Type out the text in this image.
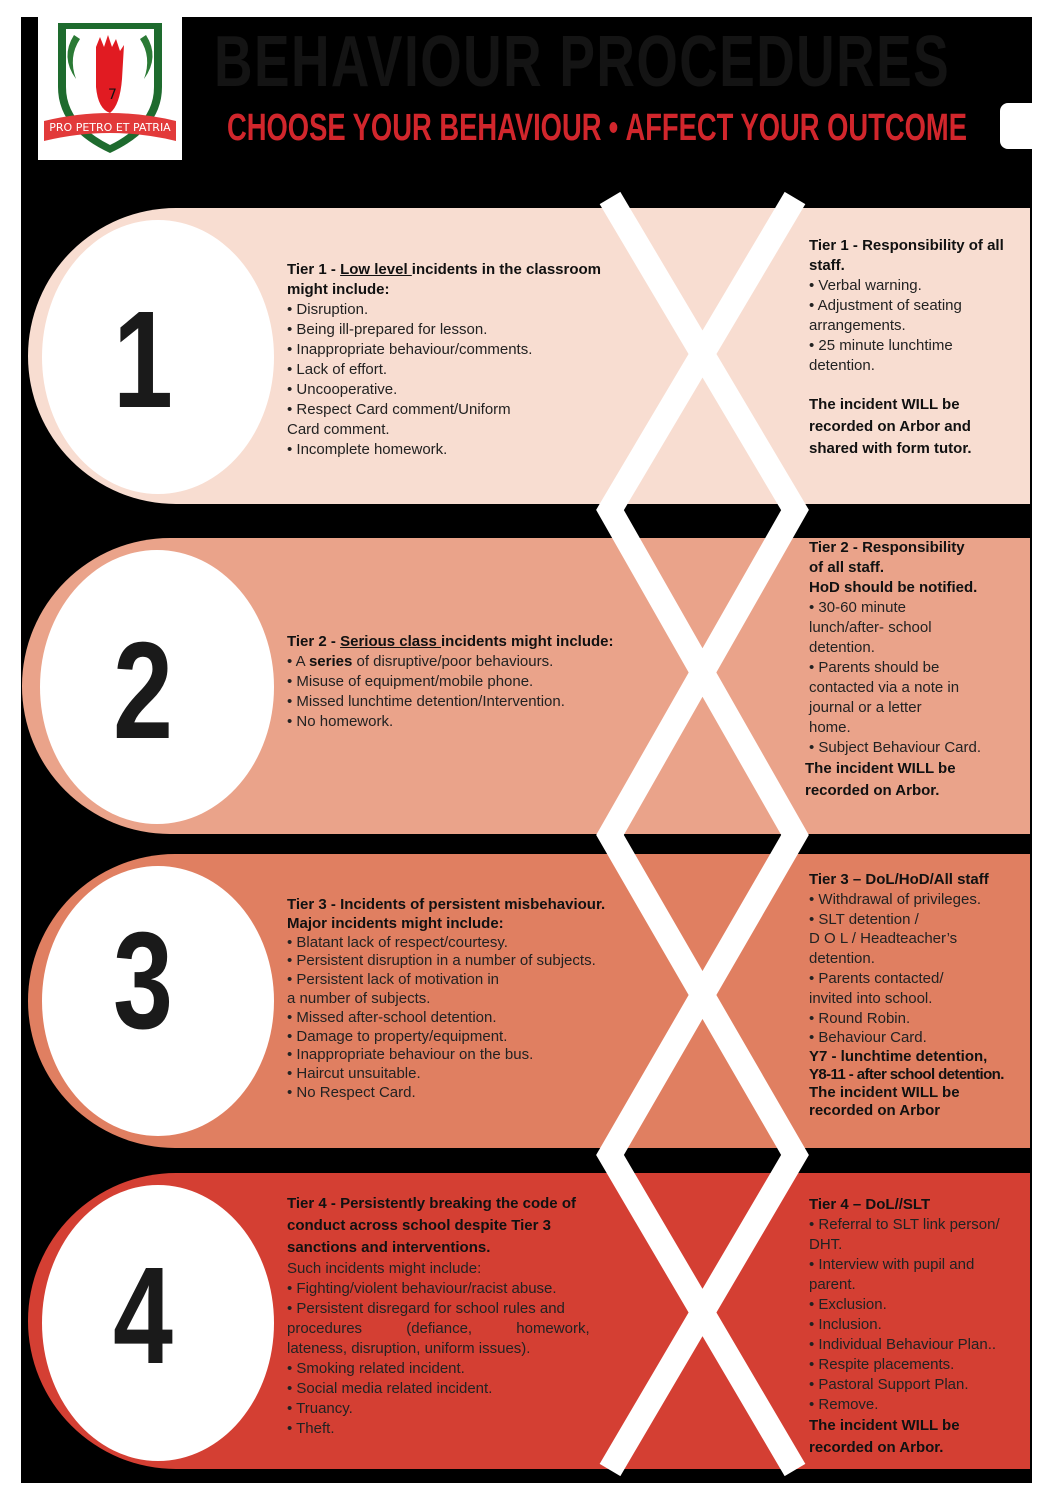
7
PRO PETRO ET PATRIA
BEHAVIOUR PROCEDURES
CHOOSE YOUR BEHAVIOUR • AFFECT YOUR OUTCOME
1

Tier 1 - Low level incidents in the classroom

might include:

• Disruption.

• Being ill-prepared for lesson.

• Inappropriate behaviour/comments.

• Lack of effort.

• Uncooperative.

• Respect Card comment/Uniform

Card comment.

• Incomplete homework.

Tier 1 - Responsibility of all

staff.

• Verbal warning.

• Adjustment of seating

arrangements.

• 25 minute lunchtime

detention.

The incident WILL be

recorded on Arbor and

shared with form tutor.

2	Tier 2 - Serious class incidents might include:

• A series of disruptive/poor behaviours.

• Misuse of equipment/mobile phone.

• Missed lunchtime detention/Intervention.

• No homework.

Tier 2 - Responsibility

of all staff.

HoD should be notified.

• 30-60 minute

lunch/after- school

detention.

• Parents should be

contacted via a note in

journal or a letter

home.

• Subject Behaviour Card.

The incident WILL be

recorded on Arbor.

3	Tier 3 - Incidents of persistent misbehaviour.

Major incidents might include:

• Blatant lack of respect/courtesy.

• Persistent disruption in a number of subjects.

• Persistent lack of motivation in

a number of subjects.

• Missed after-school detention.

• Damage to property/equipment.

• Inappropriate behaviour on the bus.

• Haircut unsuitable.

• No Respect Card.

Tier 3 – DoL/HoD/All staff

• Withdrawal of privileges.

• SLT detention /

D O L / Headteacher’s

detention.

• Parents contacted/

invited into school.

• Round Robin.

• Behaviour Card.

Y7 - lunchtime detention,

Y8-11 - after school detention.

The incident WILL be

recorded on Arbor

4

Tier 4 - Persistently breaking the code of

conduct across school despite Tier 3

sanctions and interventions.

Such incidents might include:

• Fighting/violent behaviour/racist abuse.

• Persistent disregard for school rules and

procedures (defiance, homework,

lateness, disruption, uniform issues).

• Smoking related incident.

• Social media related incident.

• Truancy.

• Theft.

Tier 4 – DoL//SLT

• Referral to SLT link person/

DHT.

• Interview with pupil and

parent.

• Exclusion.

• Inclusion.

• Individual Behaviour Plan..

• Respite placements.

• Pastoral Support Plan.

• Remove.

The incident WILL be

recorded on Arbor.
